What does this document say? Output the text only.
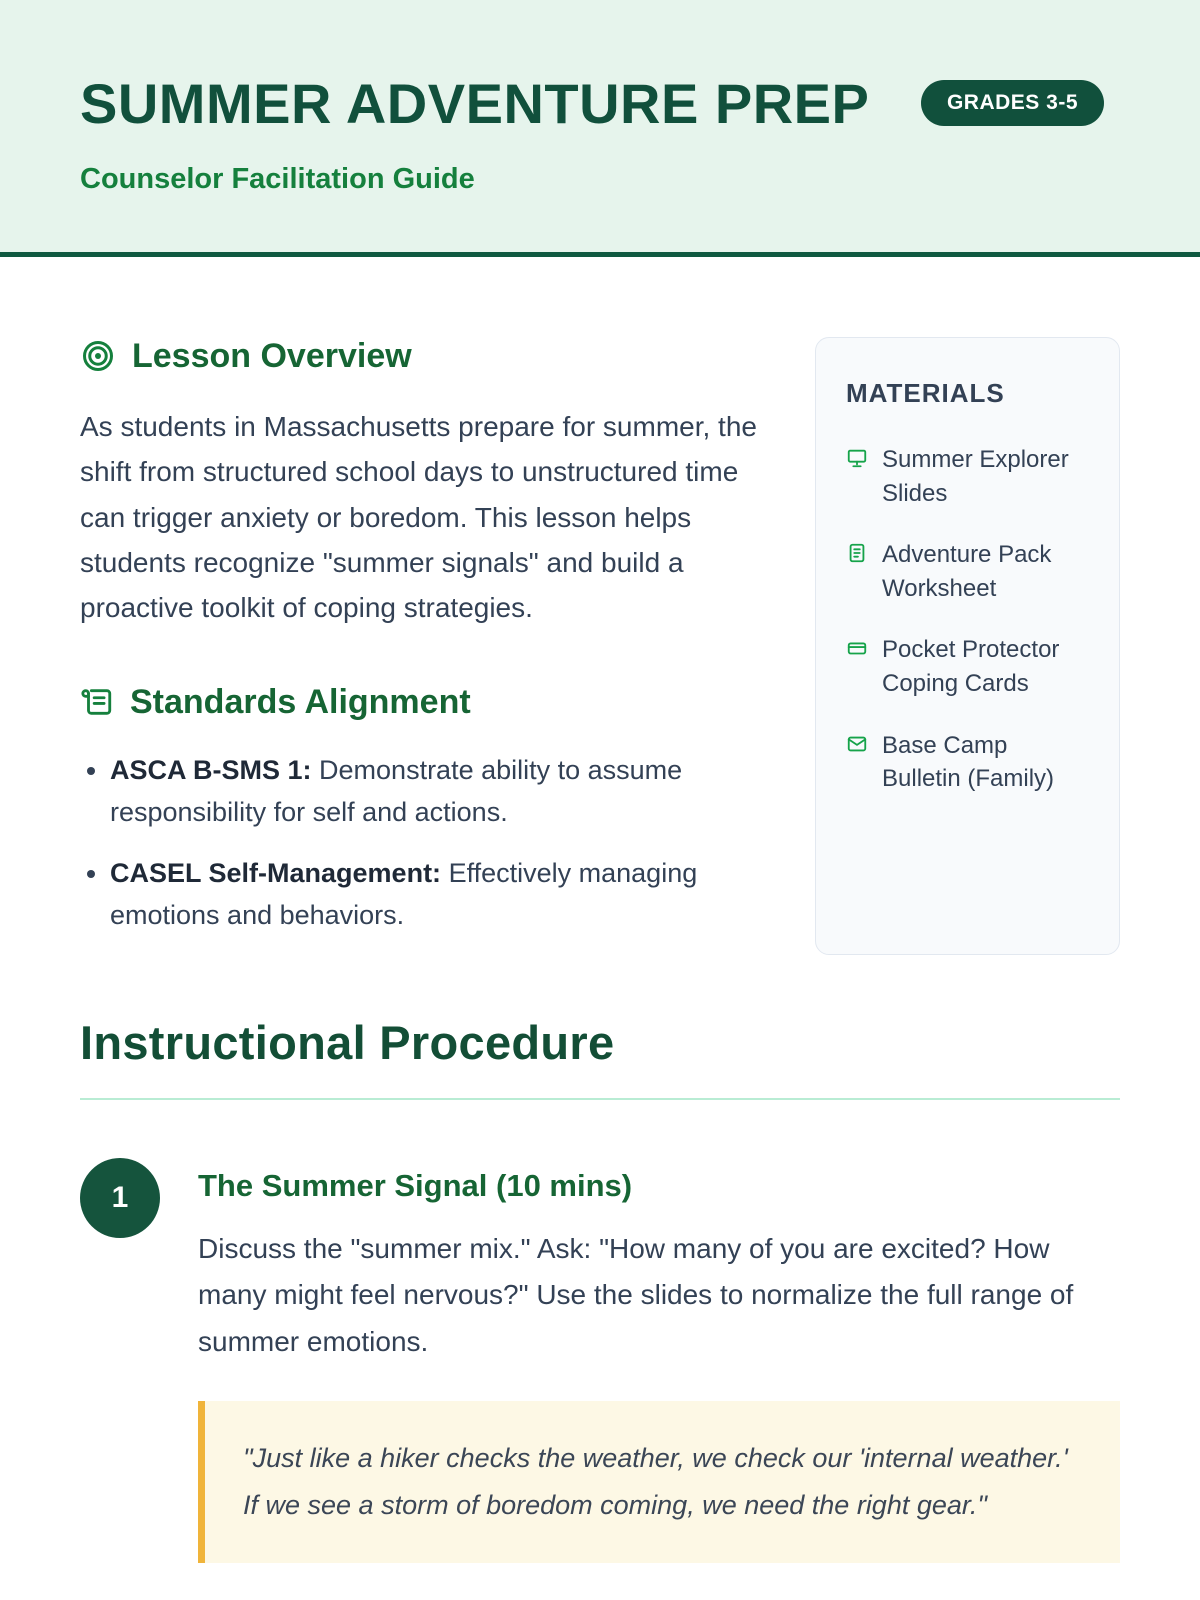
SUMMER ADVENTURE PREP	GRADES 3-5
Counselor Facilitation Guide
Lesson Overview

As students in Massachusetts prepare for summer, the shift from structured school days to unstructured time can trigger anxiety or boredom. This lesson helps students recognize "summer signals" and build a proactive toolkit of coping strategies.

Standards Alignment
• ASCA B-SMS 1: Demonstrate ability to assume responsibility for self and actions.
• CASEL Self-Management: Effectively managing emotions and behaviors.
MATERIALS
Summer Explorer Slides
Adventure Pack Worksheet
Pocket Protector Coping Cards
Base Camp Bulletin (Family)
Instructional Procedure
1	The Summer Signal (10 mins)

Discuss the "summer mix." Ask: "How many of you are excited? How many might feel nervous?" Use the slides to normalize the full range of summer emotions.

"Just like a hiker checks the weather, we check our 'internal weather.' If we see a storm of boredom coming, we need the right gear."
